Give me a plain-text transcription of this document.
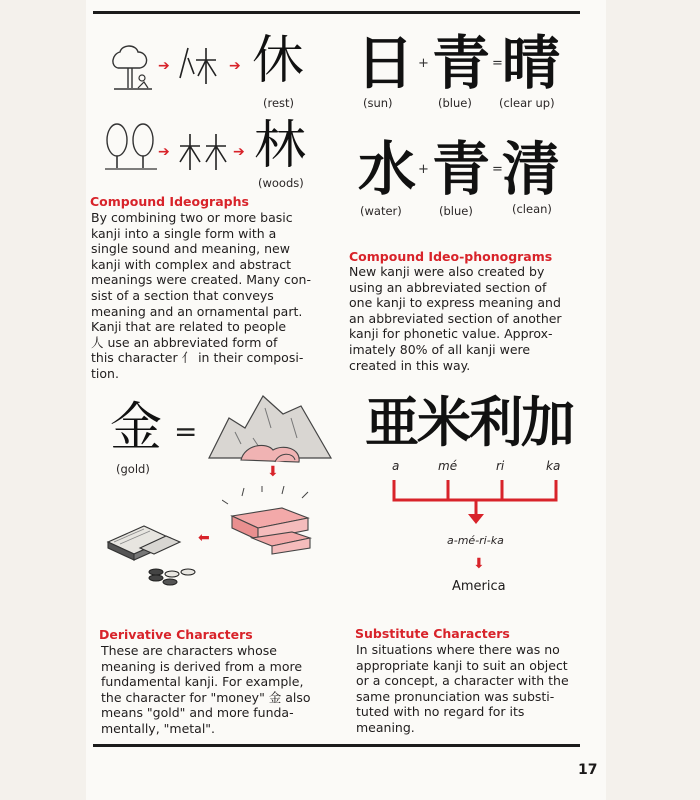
➔	➔ 休
(rest)
➔	➔ 林
(woods)
Compound Ideographs
By combining two or more basic
kanji into a single form with a
single sound and meaning, new
kanji with complex and abstract
meanings were created. Many con-
sist of a section that conveys
meaning and an ornamental part.
Kanji that are related to people
人 use an abbreviated form of
this character 亻 in their composi-
tion.
日 + 青 = 晴
(sun)	(blue) (clear up)
水 + 青 = 清
(water)	(blue)	(clean)
Compound Ideo-phonograms
New kanji were also created by
using an abbreviated section of
one kanji to express meaning and
an abbreviated section of another
kanji for phonetic value. Approx-
imately 80% of all kanji were
created in this way.
金 =
(gold)	⬇
⬅
亜米利加
a	mé	ri	ka
a-mé-ri-ka
⬇
America
Derivative Characters
These are characters whose
meaning is derived from a more
fundamental kanji. For example,
the character for "money" 金 also
means "gold" and more funda-
mentally, "metal".
Substitute Characters
In situations where there was no
appropriate kanji to suit an object
or a concept, a character with the
same pronunciation was substi-
tuted with no regard for its
meaning.
17
